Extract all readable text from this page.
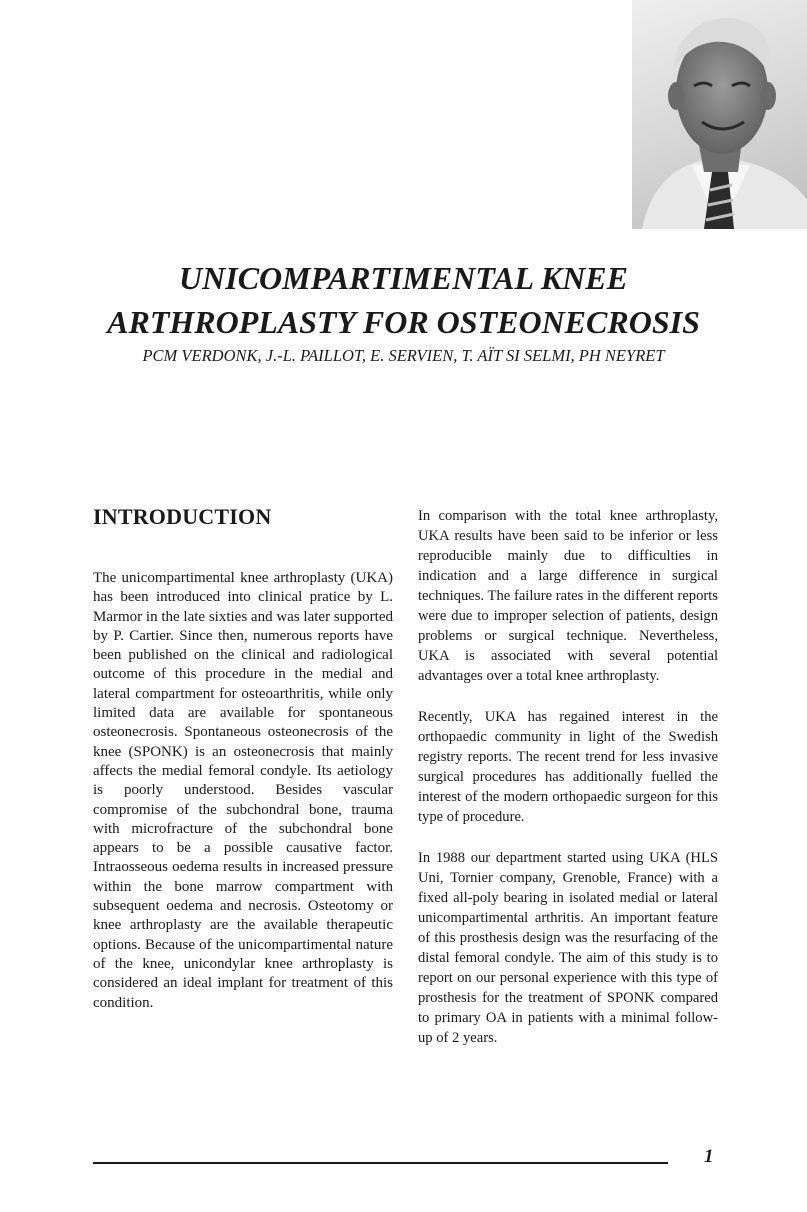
UNICOMPARTIMENTAL KNEE
ARTHROPLASTY FOR OSTEONECROSIS

PCM VERDONK, J.-L. PAILLOT, E. SERVIEN, T. AÏT SI SELMI, PH NEYRET

INTRODUCTION

The unicompartimental knee arthroplasty (UKA) has been introduced into clinical pratice by L. Marmor in the late sixties and was later supported by P. Cartier. Since then, numerous reports have been published on the clinical and radiological outcome of this procedure in the medial and lateral compartment for osteoarthritis, while only limited data are available for spontaneous osteonecrosis. Spontaneous osteonecrosis of the knee (SPONK) is an osteonecrosis that mainly affects the medial femoral condyle. Its aetiology is poorly understood. Besides vascular compromise of the subchondral bone, trauma with microfracture of the subchondral bone appears to be a possible causative factor. Intraosseous oedema results in increased pressure within the bone marrow compartment with subsequent oedema and necrosis. Osteotomy or knee arthroplasty are the available therapeutic options. Because of the unicompartimental nature of the knee, unicondylar knee arthroplasty is considered an ideal implant for treatment of this condition.

In comparison with the total knee arthroplasty, UKA results have been said to be inferior or less reproducible mainly due to difficulties in indication and a large difference in surgical techniques. The failure rates in the different reports were due to improper selection of patients, design problems or surgical technique. Nevertheless, UKA is associated with several potential advantages over a total knee arthroplasty.

Recently, UKA has regained interest in the orthopaedic community in light of the Swedish registry reports. The recent trend for less invasive surgical procedures has additionally fuelled the interest of the modern orthopaedic surgeon for this type of procedure.

In 1988 our department started using UKA (HLS Uni, Tornier company, Grenoble, France) with a fixed all-poly bearing in isolated medial or lateral unicompartimental arthritis. An important feature of this prosthesis design was the resurfacing of the distal femoral condyle. The aim of this study is to report on our personal experience with this type of prosthesis for the treatment of SPONK compared to primary OA in patients with a minimal follow-up of 2 years.

1
